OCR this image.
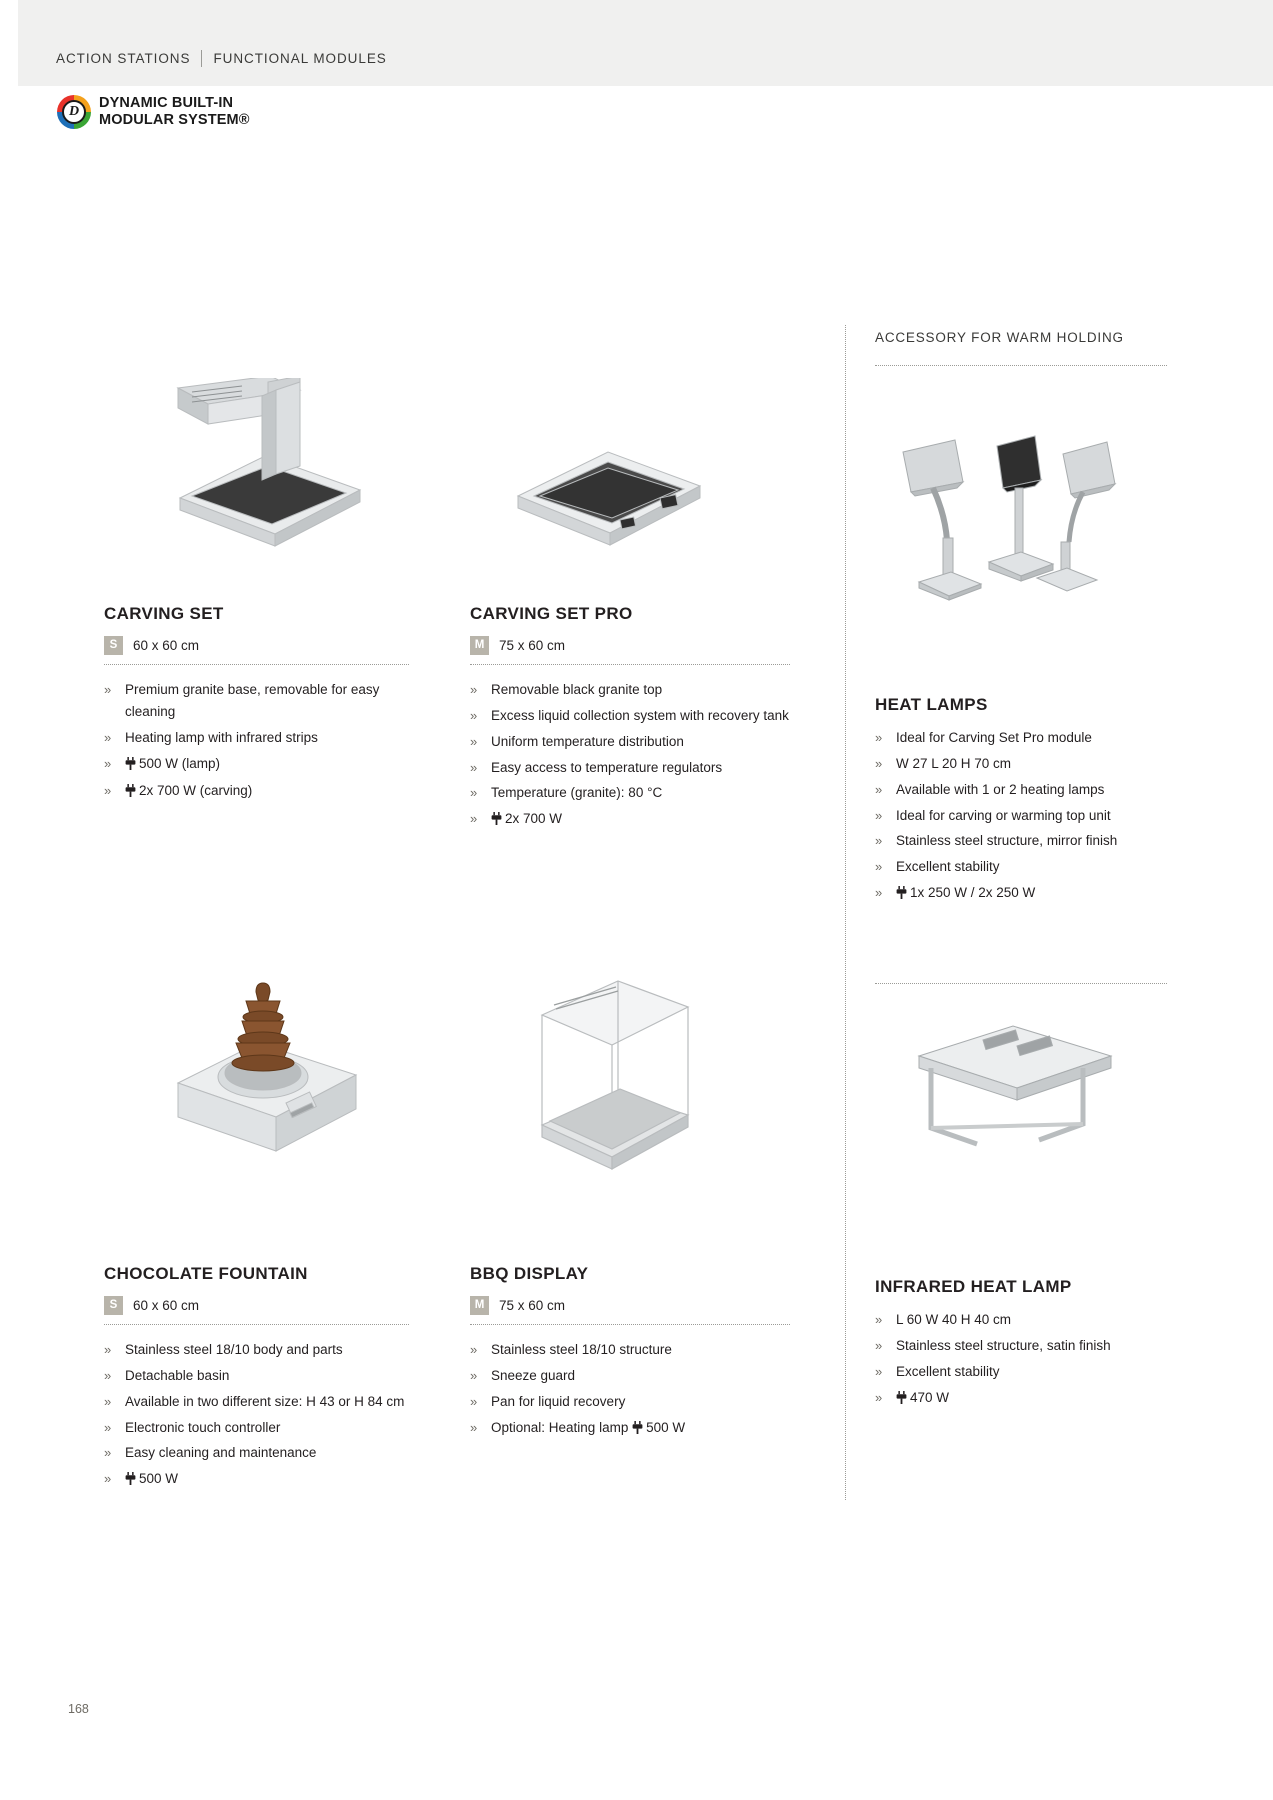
ACTION STATIONS FUNCTIONAL MODULES
D
DYNAMIC BUILT-IN
MODULAR SYSTEM®
CARVING SET
S	60 x 60 cm
» Premium granite base, removable for easy cleaning
» Heating lamp with infrared strips
» 500 W (lamp)
» 2x 700 W (carving)
CARVING SET PRO
M	75 x 60 cm
» Removable black granite top
» Excess liquid collection system with recovery tank
» Uniform temperature distribution
» Easy access to temperature regulators
» Temperature (granite): 80 °C
» 2x 700 W
CHOCOLATE FOUNTAIN
S	60 x 60 cm
» Stainless steel 18/10 body and parts
» Detachable basin
» Available in two different size: H 43 or H 84 cm
» Electronic touch controller
» Easy cleaning and maintenance
» 500 W
BBQ DISPLAY
M	75 x 60 cm
» Stainless steel 18/10 structure
» Sneeze guard
» Pan for liquid recovery
» Optional: Heating lamp 500 W
ACCESSORY FOR WARM HOLDING
HEAT LAMPS
» Ideal for Carving Set Pro module
» W 27 L 20 H 70 cm
» Available with 1 or 2 heating lamps
» Ideal for carving or warming top unit
» Stainless steel structure, mirror finish
» Excellent stability
» 1x 250 W / 2x 250 W
INFRARED HEAT LAMP
» L 60 W 40 H 40 cm
» Stainless steel structure, satin finish
» Excellent stability
» 470 W
168
